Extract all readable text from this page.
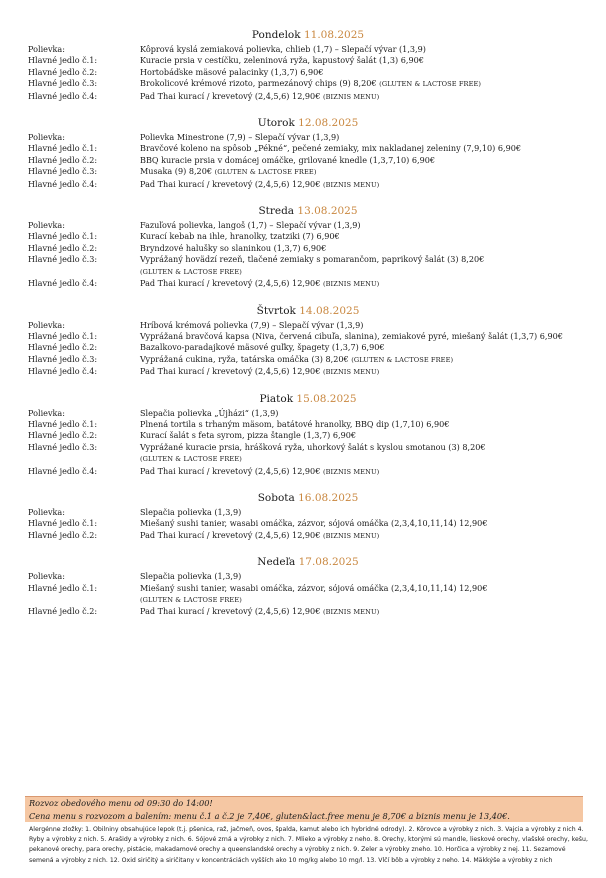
Pondelok 11.08.2025
Polievka:	Kôprová kyslá zemiaková polievka, chlieb (1,7) – Slepačí vývar (1,3,9)
Hlavné jedlo č.1:	Kuracie prsia v cestíčku, zeleninová ryža, kapustový šalát (1,3) 6,90€
Hlavné jedlo č.2:	Hortobáďske mäsové palacinky (1,3,7) 6,90€
Hlavné jedlo č.3:	Brokolicové krémové rizoto, parmezánový chips (9) 8,20€ (GLUTEN & LACTOSE FREE)
Hlavné jedlo č.4:	Pad Thai kurací / krevetový (2,4,5,6) 12,90€ (BIZNIS MENU)
Utorok 12.08.2025
Polievka:	Polievka Minestrone (7,9) – Slepačí vývar (1,3,9)
Hlavné jedlo č.1:	Bravčové koleno na spôsob „Pékné“, pečené zemiaky, mix nakladanej zeleniny (7,9,10) 6,90€
Hlavné jedlo č.2:	BBQ kuracie prsia v domácej omáčke, grilované knedle (1,3,7,10) 6,90€
Hlavné jedlo č.3:	Musaka (9) 8,20€ (GLUTEN & LACTOSE FREE)
Hlavné jedlo č.4:	Pad Thai kurací / krevetový (2,4,5,6) 12,90€ (BIZNIS MENU)
Streda 13.08.2025
Polievka:	Fazuľová polievka, langoš (1,7) – Slepačí vývar (1,3,9)
Hlavné jedlo č.1:	Kurací kebab na ihle, hranolky, tzatziki (7) 6,90€
Hlavné jedlo č.2:	Bryndzové halušky so slaninkou (1,3,7) 6,90€
Hlavné jedlo č.3:	Vyprážaný hovädzí rezeň, tlačené zemiaky s pomarančom, paprikový šalát (3) 8,20€
(GLUTEN & LACTOSE FREE)
Hlavné jedlo č.4:	Pad Thai kurací / krevetový (2,4,5,6) 12,90€ (BIZNIS MENU)
Štvrtok 14.08.2025
Polievka:	Hríbová krémová polievka (7,9) – Slepačí vývar (1,3,9)
Hlavné jedlo č.1:	Vyprážaná bravčová kapsa (Niva, červená cibuľa, slanina), zemiakové pyré, miešaný šalát (1,3,7) 6,90€
Hlavné jedlo č.2:	Bazalkovo-paradajkové mäsové guľky, špagety (1,3,7) 6,90€
Hlavné jedlo č.3:	Vyprážaná cukina, ryža, tatárska omáčka (3) 8,20€ (GLUTEN & LACTOSE FREE)
Hlavné jedlo č.4:	Pad Thai kurací / krevetový (2,4,5,6) 12,90€ (BIZNIS MENU)
Piatok 15.08.2025
Polievka:	Slepačia polievka „Újházi“ (1,3,9)
Hlavné jedlo č.1:	Plnená tortila s trhaným mäsom, batátové hranolky, BBQ dip (1,7,10) 6,90€
Hlavné jedlo č.2:	Kurací šalát s feta syrom, pizza štangle (1,3,7) 6,90€
Hlavné jedlo č.3:	Vyprážané kuracie prsia, hrášková ryža, uhorkový šalát s kyslou smotanou (3) 8,20€
(GLUTEN & LACTOSE FREE)
Hlavné jedlo č.4:	Pad Thai kurací / krevetový (2,4,5,6) 12,90€ (BIZNIS MENU)
Sobota 16.08.2025
Polievka:	Slepačia polievka (1,3,9)
Hlavné jedlo č.1:	Miešaný sushi tanier, wasabi omáčka, zázvor, sójová omáčka (2,3,4,10,11,14) 12,90€
Hlavné jedlo č.2:	Pad Thai kurací / krevetový (2,4,5,6) 12,90€ (BIZNIS MENU)
Nedeľa 17.08.2025
Polievka:	Slepačia polievka (1,3,9)
Hlavné jedlo č.1:	Miešaný sushi tanier, wasabi omáčka, zázvor, sójová omáčka (2,3,4,10,11,14) 12,90€
(GLUTEN & LACTOSE FREE)
Hlavné jedlo č.2:	Pad Thai kurací / krevetový (2,4,5,6) 12,90€ (BIZNIS MENU)
Rozvoz obedového menu od 09:30 do 14:00!
Cena menu s rozvozom a balením: menu č.1 a č.2 je 7,40€, gluten&lact.free menu je 8,70€ a biznis menu je 13,40€.
Alergénne zložky: 1. Obilniny obsahujúce lepok (t.j. pšenica, raž, jačmeň, ovos, špalda, kamut alebo ich hybridné odrody). 2. Kôrovce a výrobky z nich. 3. Vajcia a výrobky z nich 4. Ryby a výrobky z nich. 5. Arašidy a výrobky z nich. 6. Sójové zrná a výrobky z nich. 7. Mlieko a výrobky z neho. 8. Orechy, ktorými sú mandle, lieskové orechy, vlašské orechy, kešu, pekanové orechy, para orechy, pistácie, makadamové orechy a queenslandské orechy a výrobky z nich. 9. Zeler a výrobky zneho. 10. Horčica a výrobky z nej. 11. Sezamové semená a výrobky z nich. 12. Oxid siričitý a siričitany v koncentráciách vyšších ako 10 mg/kg alebo 10 mg/l. 13. Vlčí bôb a výrobky z neho. 14. Mäkkýše a výrobky z nich
